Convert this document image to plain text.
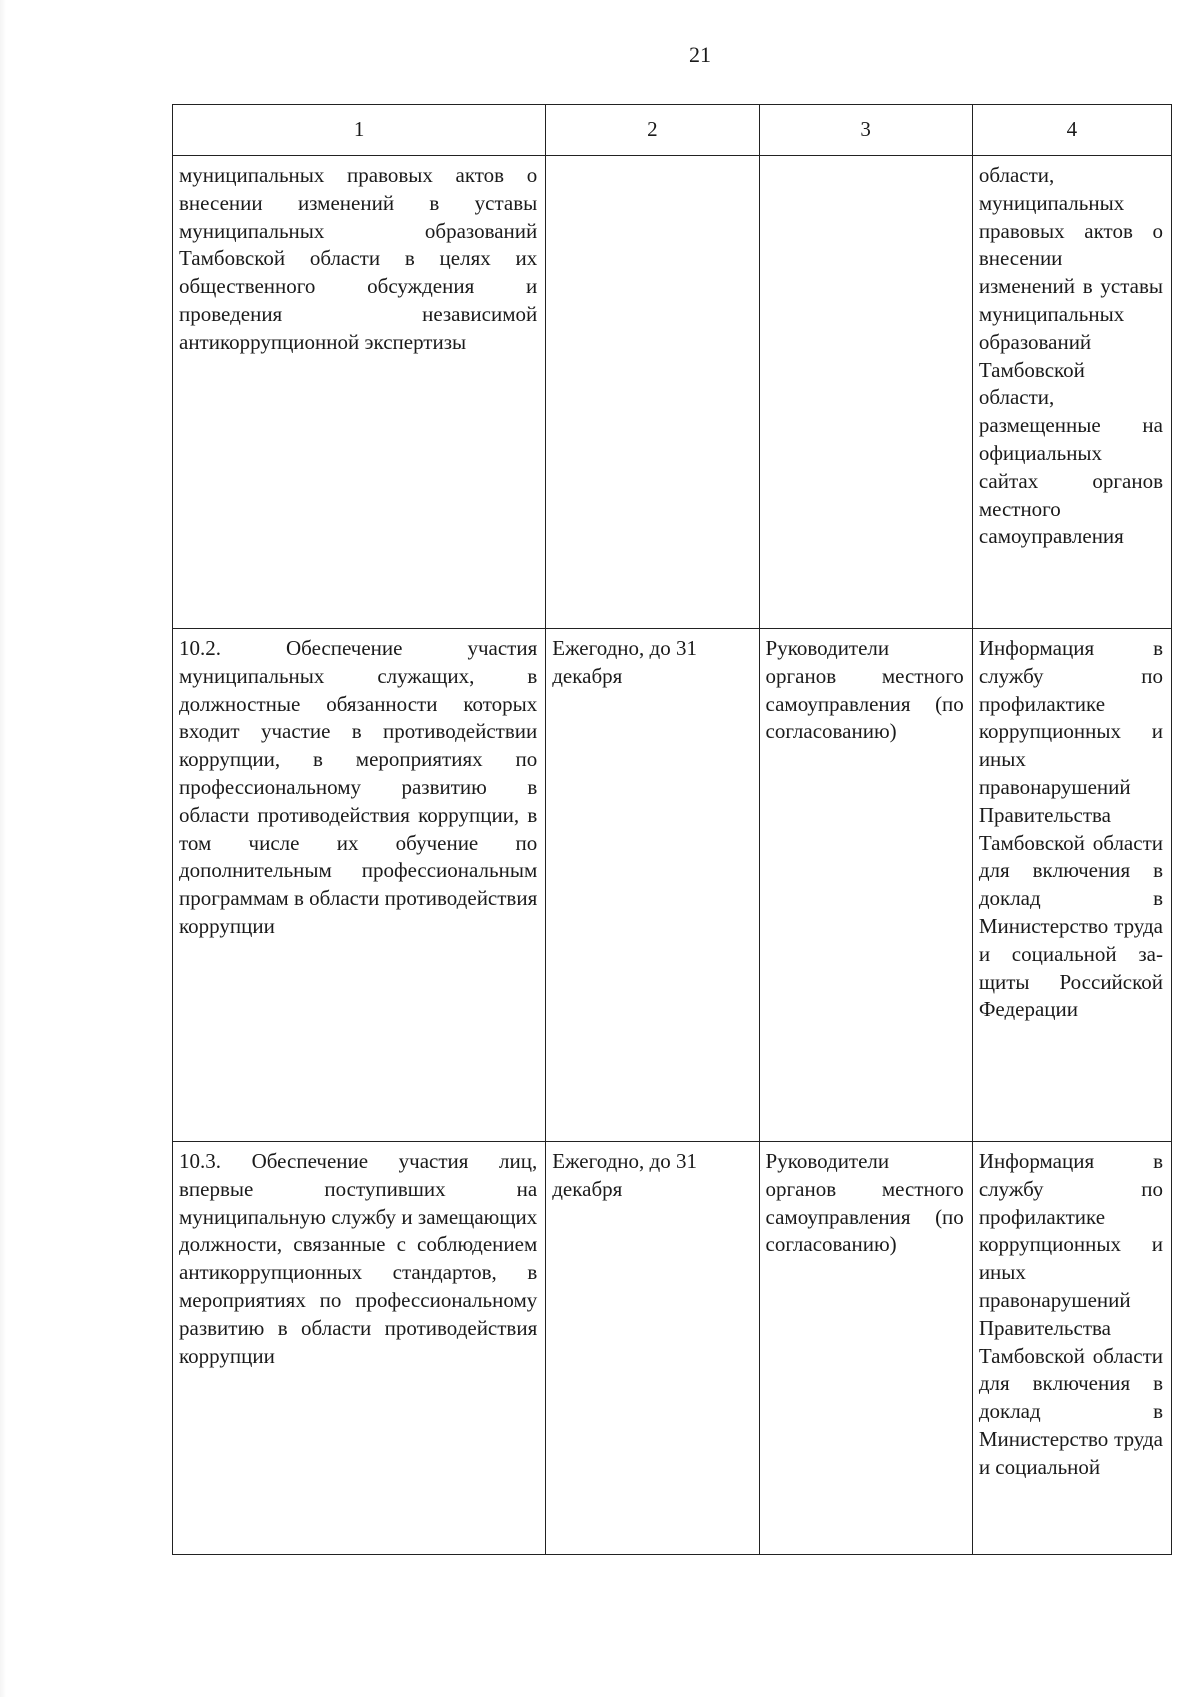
21
1	2	3	4
муниципальных правовых актов о внесении изменений в уставы муниципальных образований Тамбовской области в целях их общественного обсуждения и проведения независимой антикоррупционной экспертизы			области, муниципальных правовых актов о внесении изменений в уставы муниципальных образований Тамбовской области, размещенные на официальных сайтах органов местного самоуправления
10.2. Обеспечение участия муниципальных служащих, в должностные обязанности которых входит участие в противодействии коррупции, в мероприятиях по профессиональному развитию в области противодействия коррупции, в том числе их обучение по дополнительным профессиональным программам в области противодействия коррупции	Ежегодно, до 31 декабря	Руководители органов местного самоуправления (по согласованию)	Информация в службу по профилактике коррупционных и иных правонарушений Правительства Тамбовской области для включения в доклад в Министерство труда и социальной за-щиты Российской Федерации
10.3. Обеспечение участия лиц, впервые поступивших на муниципальную службу и замещающих должности, связанные с соблюдением антикоррупционных стандартов, в мероприятиях по профессиональному развитию в области противодействия коррупции	Ежегодно, до 31 декабря	Руководители органов местного самоуправления (по согласованию)	Информация в службу по профилактике коррупционных и иных правонарушений Правительства Тамбовской области для включения в доклад в Министерство труда и социальной
